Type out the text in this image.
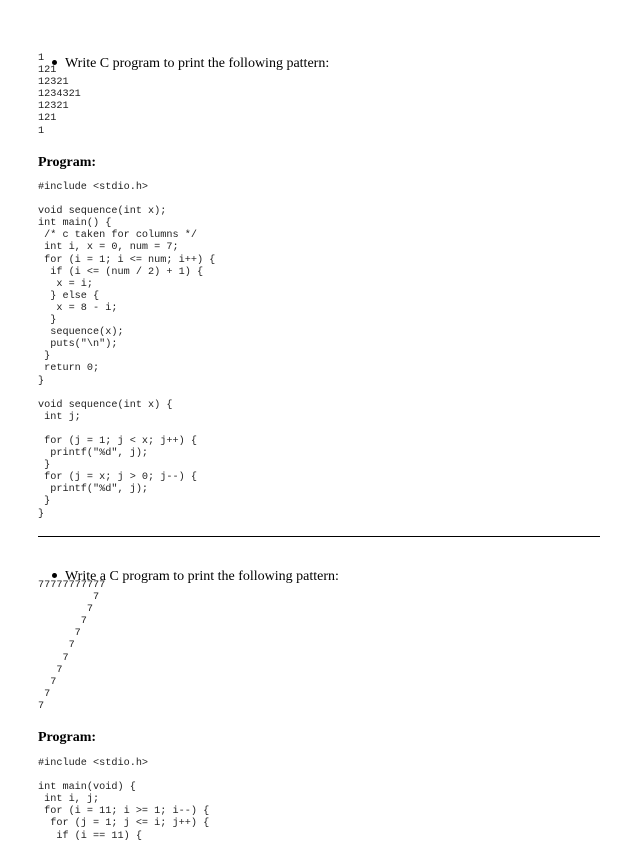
Write C program to print the following pattern:

1
121
12321
1234321
12321
121
1
Program:
#include <stdio.h>
void sequence(int x);
int main() {
/* c taken for columns */
int i, x = 0, num = 7;
for (i = 1; i <= num; i++) {
if (i <= (num / 2) + 1) {
x = i;
} else {
x = 8 - i;
}
sequence(x);
puts("\n");
}
return 0;
}
void sequence(int x) {
int j;
for (j = 1; j < x; j++) {
printf("%d", j);
}
for (j = x; j > 0; j--) {
printf("%d", j);
}
}

Write a C program to print the following pattern:

77777777777
7
7
7
7
7
7
7
7
7
7
Program:
#include <stdio.h>
int main(void) {
int i, j;
for (i = 11; i >= 1; i--) {
for (j = 1; j <= i; j++) {
if (i == 11) {
